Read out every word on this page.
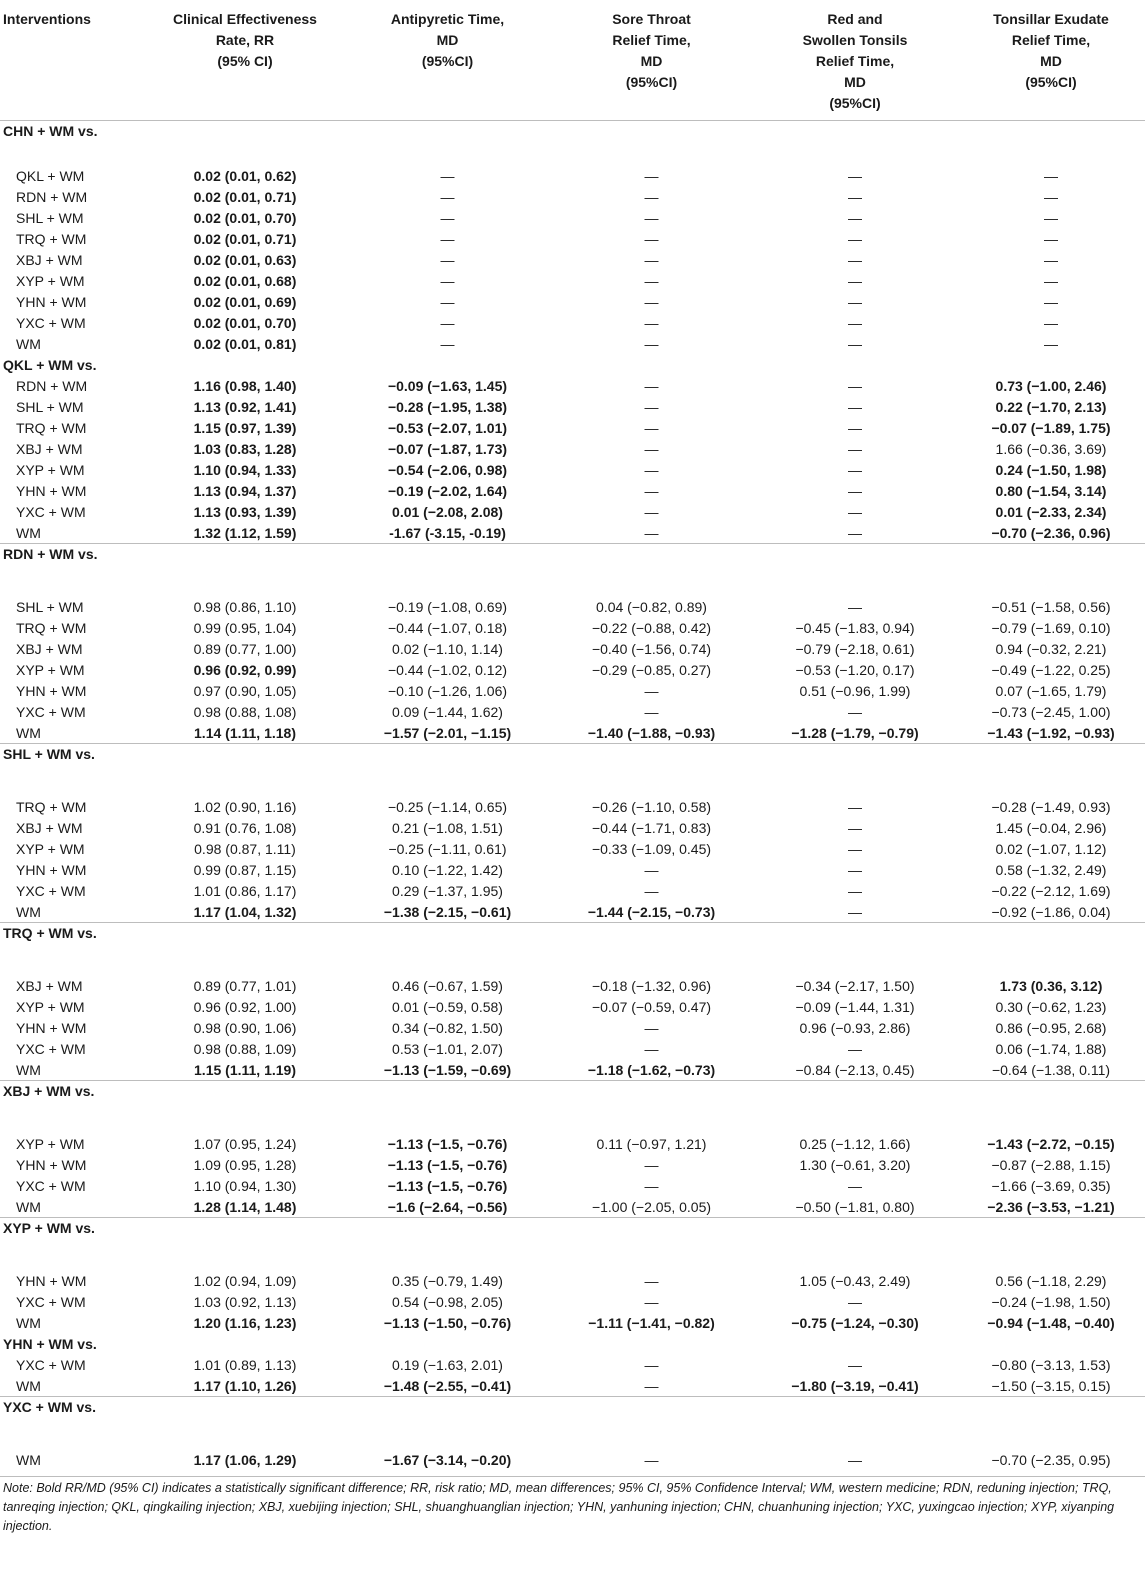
Interventions	Clinical Effectiveness
Rate, RR
(95% CI)	Antipyretic Time,
MD
(95%CI)	Sore Throat
Relief Time,
MD
(95%CI)	Red and
Swollen Tonsils
Relief Time,
MD
(95%CI)	Tonsillar Exudate
Relief Time,
MD
(95%CI)
CHN + WM vs.					

QKL + WM	0.02 (0.01, 0.62)	—	—	—	—
RDN + WM	0.02 (0.01, 0.71)	—	—	—	—
SHL + WM	0.02 (0.01, 0.70)	—	—	—	—
TRQ + WM	0.02 (0.01, 0.71)	—	—	—	—
XBJ + WM	0.02 (0.01, 0.63)	—	—	—	—
XYP + WM	0.02 (0.01, 0.68)	—	—	—	—
YHN + WM	0.02 (0.01, 0.69)	—	—	—	—
YXC + WM	0.02 (0.01, 0.70)	—	—	—	—
WM	0.02 (0.01, 0.81)	—	—	—	—
QKL + WM vs.					
RDN + WM	1.16 (0.98, 1.40)	−0.09 (−1.63, 1.45)	—	—	0.73 (−1.00, 2.46)
SHL + WM	1.13 (0.92, 1.41)	−0.28 (−1.95, 1.38)	—	—	0.22 (−1.70, 2.13)
TRQ + WM	1.15 (0.97, 1.39)	−0.53 (−2.07, 1.01)	—	—	−0.07 (−1.89, 1.75)
XBJ + WM	1.03 (0.83, 1.28)	−0.07 (−1.87, 1.73)	—	—	1.66 (−0.36, 3.69)
XYP + WM	1.10 (0.94, 1.33)	−0.54 (−2.06, 0.98)	—	—	0.24 (−1.50, 1.98)
YHN + WM	1.13 (0.94, 1.37)	−0.19 (−2.02, 1.64)	—	—	0.80 (−1.54, 3.14)
YXC + WM	1.13 (0.93, 1.39)	0.01 (−2.08, 2.08)	—	—	0.01 (−2.33, 2.34)
WM	1.32 (1.12, 1.59)	-1.67 (-3.15, -0.19)	—	—	−0.70 (−2.36, 0.96)
RDN + WM vs.					

SHL + WM	0.98 (0.86, 1.10)	−0.19 (−1.08, 0.69)	0.04 (−0.82, 0.89)	—	−0.51 (−1.58, 0.56)
TRQ + WM	0.99 (0.95, 1.04)	−0.44 (−1.07, 0.18)	−0.22 (−0.88, 0.42)	−0.45 (−1.83, 0.94)	−0.79 (−1.69, 0.10)
XBJ + WM	0.89 (0.77, 1.00)	0.02 (−1.10, 1.14)	−0.40 (−1.56, 0.74)	−0.79 (−2.18, 0.61)	0.94 (−0.32, 2.21)
XYP + WM	0.96 (0.92, 0.99)	−0.44 (−1.02, 0.12)	−0.29 (−0.85, 0.27)	−0.53 (−1.20, 0.17)	−0.49 (−1.22, 0.25)
YHN + WM	0.97 (0.90, 1.05)	−0.10 (−1.26, 1.06)	—	0.51 (−0.96, 1.99)	0.07 (−1.65, 1.79)
YXC + WM	0.98 (0.88, 1.08)	0.09 (−1.44, 1.62)	—	—	−0.73 (−2.45, 1.00)
WM	1.14 (1.11, 1.18)	−1.57 (−2.01, −1.15)	−1.40 (−1.88, −0.93)	−1.28 (−1.79, −0.79)	−1.43 (−1.92, −0.93)
SHL + WM vs.					

TRQ + WM	1.02 (0.90, 1.16)	−0.25 (−1.14, 0.65)	−0.26 (−1.10, 0.58)	—	−0.28 (−1.49, 0.93)
XBJ + WM	0.91 (0.76, 1.08)	0.21 (−1.08, 1.51)	−0.44 (−1.71, 0.83)	—	1.45 (−0.04, 2.96)
XYP + WM	0.98 (0.87, 1.11)	−0.25 (−1.11, 0.61)	−0.33 (−1.09, 0.45)	—	0.02 (−1.07, 1.12)
YHN + WM	0.99 (0.87, 1.15)	0.10 (−1.22, 1.42)	—	—	0.58 (−1.32, 2.49)
YXC + WM	1.01 (0.86, 1.17)	0.29 (−1.37, 1.95)	—	—	−0.22 (−2.12, 1.69)
WM	1.17 (1.04, 1.32)	−1.38 (−2.15, −0.61)	−1.44 (−2.15, −0.73)	—	−0.92 (−1.86, 0.04)
TRQ + WM vs.					

XBJ + WM	0.89 (0.77, 1.01)	0.46 (−0.67, 1.59)	−0.18 (−1.32, 0.96)	−0.34 (−2.17, 1.50)	1.73 (0.36, 3.12)
XYP + WM	0.96 (0.92, 1.00)	0.01 (−0.59, 0.58)	−0.07 (−0.59, 0.47)	−0.09 (−1.44, 1.31)	0.30 (−0.62, 1.23)
YHN + WM	0.98 (0.90, 1.06)	0.34 (−0.82, 1.50)	—	0.96 (−0.93, 2.86)	0.86 (−0.95, 2.68)
YXC + WM	0.98 (0.88, 1.09)	0.53 (−1.01, 2.07)	—	—	0.06 (−1.74, 1.88)
WM	1.15 (1.11, 1.19)	−1.13 (−1.59, −0.69)	−1.18 (−1.62, −0.73)	−0.84 (−2.13, 0.45)	−0.64 (−1.38, 0.11)
XBJ + WM vs.					

XYP + WM	1.07 (0.95, 1.24)	−1.13 (−1.5, −0.76)	0.11 (−0.97, 1.21)	0.25 (−1.12, 1.66)	−1.43 (−2.72, −0.15)
YHN + WM	1.09 (0.95, 1.28)	−1.13 (−1.5, −0.76)	—	1.30 (−0.61, 3.20)	−0.87 (−2.88, 1.15)
YXC + WM	1.10 (0.94, 1.30)	−1.13 (−1.5, −0.76)	—	—	−1.66 (−3.69, 0.35)
WM	1.28 (1.14, 1.48)	−1.6 (−2.64, −0.56)	−1.00 (−2.05, 0.05)	−0.50 (−1.81, 0.80)	−2.36 (−3.53, −1.21)
XYP + WM vs.					

YHN + WM	1.02 (0.94, 1.09)	0.35 (−0.79, 1.49)	—	1.05 (−0.43, 2.49)	0.56 (−1.18, 2.29)
YXC + WM	1.03 (0.92, 1.13)	0.54 (−0.98, 2.05)	—	—	−0.24 (−1.98, 1.50)
WM	1.20 (1.16, 1.23)	−1.13 (−1.50, −0.76)	−1.11 (−1.41, −0.82)	−0.75 (−1.24, −0.30)	−0.94 (−1.48, −0.40)
YHN + WM vs.					
YXC + WM	1.01 (0.89, 1.13)	0.19 (−1.63, 2.01)	—	—	−0.80 (−3.13, 1.53)
WM	1.17 (1.10, 1.26)	−1.48 (−2.55, −0.41)	—	−1.80 (−3.19, −0.41)	−1.50 (−3.15, 0.15)
YXC + WM vs.					

WM	1.17 (1.06, 1.29)	−1.67 (−3.14, −0.20)	—	—	−0.70 (−2.35, 0.95)
Note: Bold RR/MD (95% CI) indicates a statistically significant difference; RR, risk ratio; MD, mean differences; 95% CI, 95% Confidence Interval; WM, western medicine; RDN, reduning injection; TRQ, tanreqing injection; QKL, qingkailing injection; XBJ, xuebijing injection; SHL, shuanghuanglian injection; YHN, yanhuning injection; CHN, chuanhuning injection; YXC, yuxingcao injection; XYP, xiyanping injection.
